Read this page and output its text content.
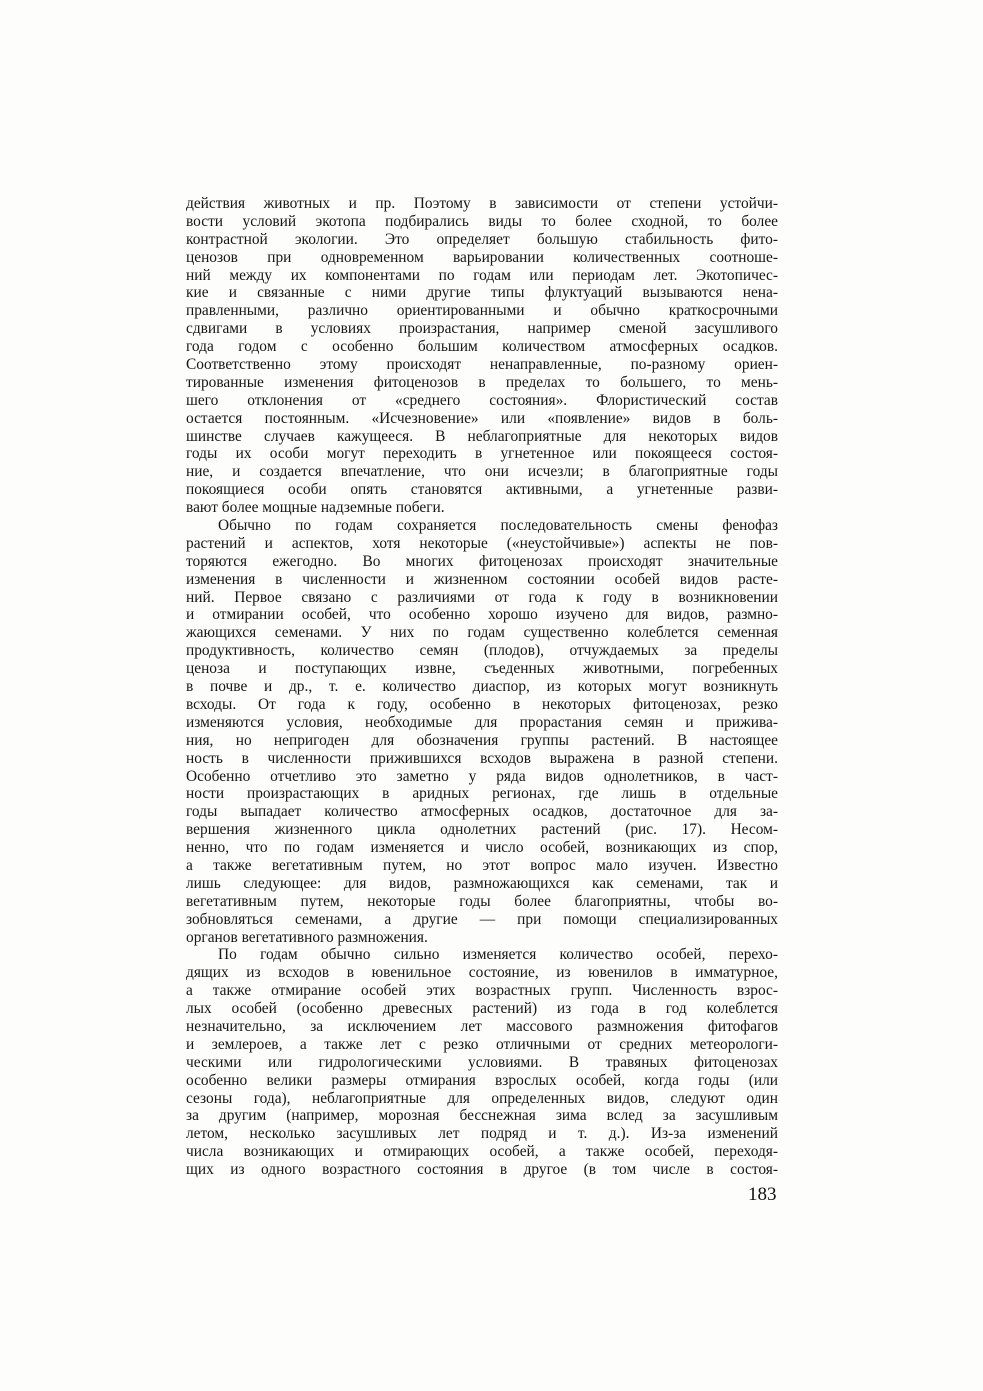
действия животных и пр. Поэтому в зависимости от степени устойчи-
вости условий экотопа подбирались виды то более сходной, то более
контрастной экологии. Это определяет большую стабильность фито-
ценозов при одновременном варьировании количественных соотноше-
ний между их компонентами по годам или периодам лет. Экотопичес-
кие и связанные с ними другие типы флуктуаций вызываются нена-
правленными, различно ориентированными и обычно краткосрочными
сдвигами в условиях произрастания, например сменой засушливого
года годом с особенно большим количеством атмосферных осадков.
Соответственно этому происходят ненаправленные, по-разному ориен-
тированные изменения фитоценозов в пределах то большего, то мень-
шего отклонения от «среднего состояния». Флористический состав
остается постоянным. «Исчезновение» или «появление» видов в боль-
шинстве случаев кажущееся. В неблагоприятные для некоторых видов
годы их особи могут переходить в угнетенное или покоящееся состоя-
ние, и создается впечатление, что они исчезли; в благоприятные годы
покоящиеся особи опять становятся активными, а угнетенные разви-
вают более мощные надземные побеги.
Обычно по годам сохраняется последовательность смены фенофаз
растений и аспектов, хотя некоторые («неустойчивые») аспекты не пов-
торяются ежегодно. Во многих фитоценозах происходят значительные
изменения в численности и жизненном состоянии особей видов расте-
ний. Первое связано с различиями от года к году в возникновении
и отмирании особей, что особенно хорошо изучено для видов, размно-
жающихся семенами. У них по годам существенно колеблется семенная
продуктивность, количество семян (плодов), отчуждаемых за пределы
ценоза и поступающих извне, съеденных животными, погребенных
в почве и др., т. е. количество диаспор, из которых могут возникнуть
всходы. От года к году, особенно в некоторых фитоценозах, резко
изменяются условия, необходимые для прорастания семян и прижива-
ния, но непригоден для обозначения группы растений. В настоящее
ность в численности прижившихся всходов выражена в разной степени.
Особенно отчетливо это заметно у ряда видов однолетников, в част-
ности произрастающих в аридных регионах, где лишь в отдельные
годы выпадает количество атмосферных осадков, достаточное для за-
вершения жизненного цикла однолетних растений (рис. 17). Несом-
ненно, что по годам изменяется и число особей, возникающих из спор,
а также вегетативным путем, но этот вопрос мало изучен. Известно
лишь следующее: для видов, размножающихся как семенами, так и
вегетативным путем, некоторые годы более благоприятны, чтобы во-
зобновляться семенами, а другие — при помощи специализированных
органов вегетативного размножения.
По годам обычно сильно изменяется количество особей, перехо-
дящих из всходов в ювенильное состояние, из ювенилов в имматурное,
а также отмирание особей этих возрастных групп. Численность взрос-
лых особей (особенно древесных растений) из года в год колеблется
незначительно, за исключением лет массового размножения фитофагов
и землероев, а также лет с резко отличными от средних метеорологи-
ческими или гидрологическими условиями. В травяных фитоценозах
особенно велики размеры отмирания взрослых особей, когда годы (или
сезоны года), неблагоприятные для определенных видов, следуют один
за другим (например, морозная бесснежная зима вслед за засушливым
летом, несколько засушливых лет подряд и т. д.). Из-за изменений
числа возникающих и отмирающих особей, а также особей, переходя-
щих из одного возрастного состояния в другое (в том числе в состоя-
183
